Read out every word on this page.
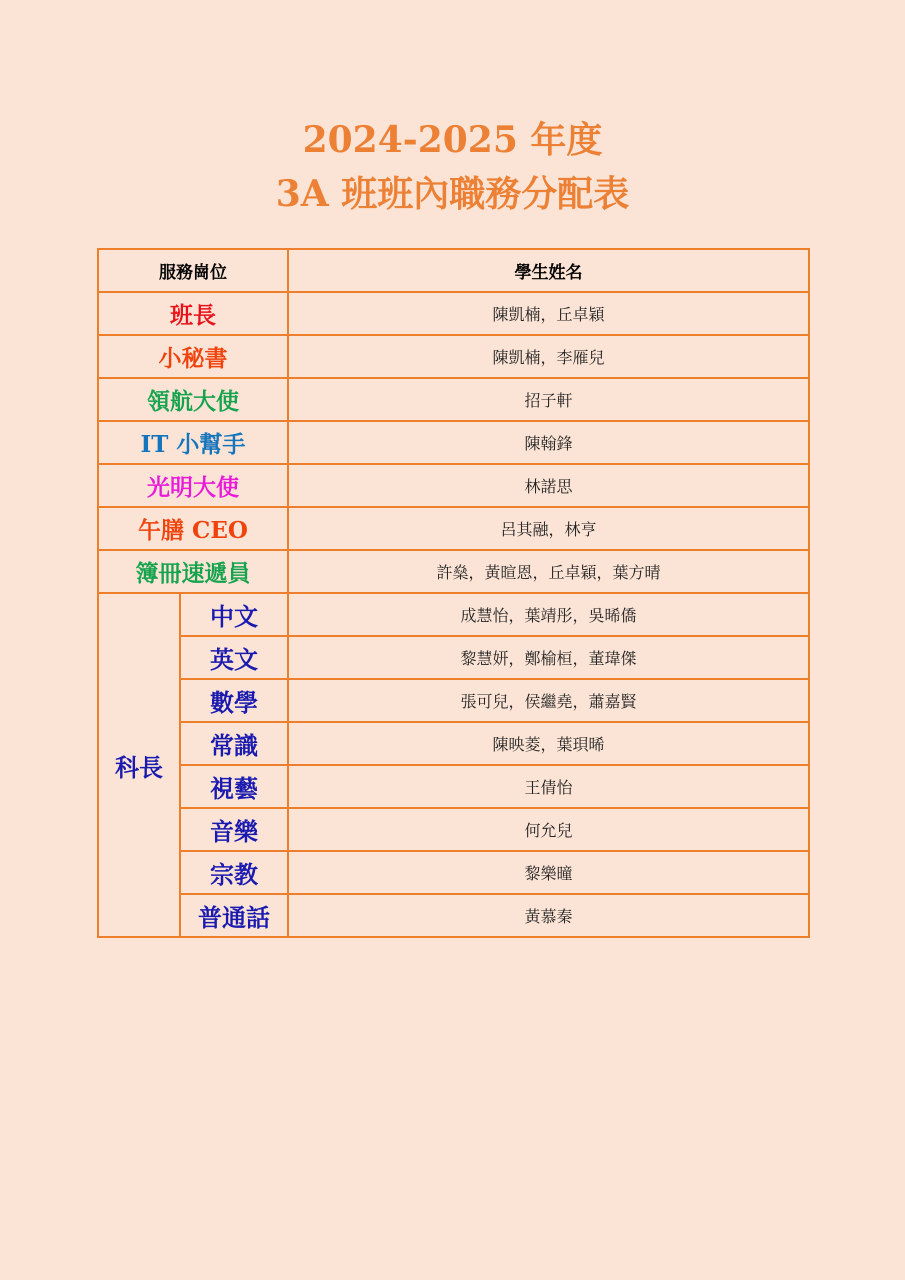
2024-2025 年度
3A 班班內職務分配表
服務崗位		學生姓名
班長		陳凱楠，丘卓穎
小秘書		陳凱楠，李雁兒
領航大使		招子軒
IT 小幫手		陳翰鋒
光明大使		林諾思
午膳 CEO		呂其融，林亨
簿冊速遞員		許燊，黃暄恩，丘卓穎，葉方晴
科長	中文	成慧怡，葉靖彤，吳晞僑
	英文	黎慧妍，鄭榆桓，董瑋傑
	數學	張可兒，侯繼堯，蕭嘉賢
	常識	陳映菱，葉珼晞
	視藝	王倩怡
	音樂	何允兒
	宗教	黎樂曈
	普通話	黃慕秦
